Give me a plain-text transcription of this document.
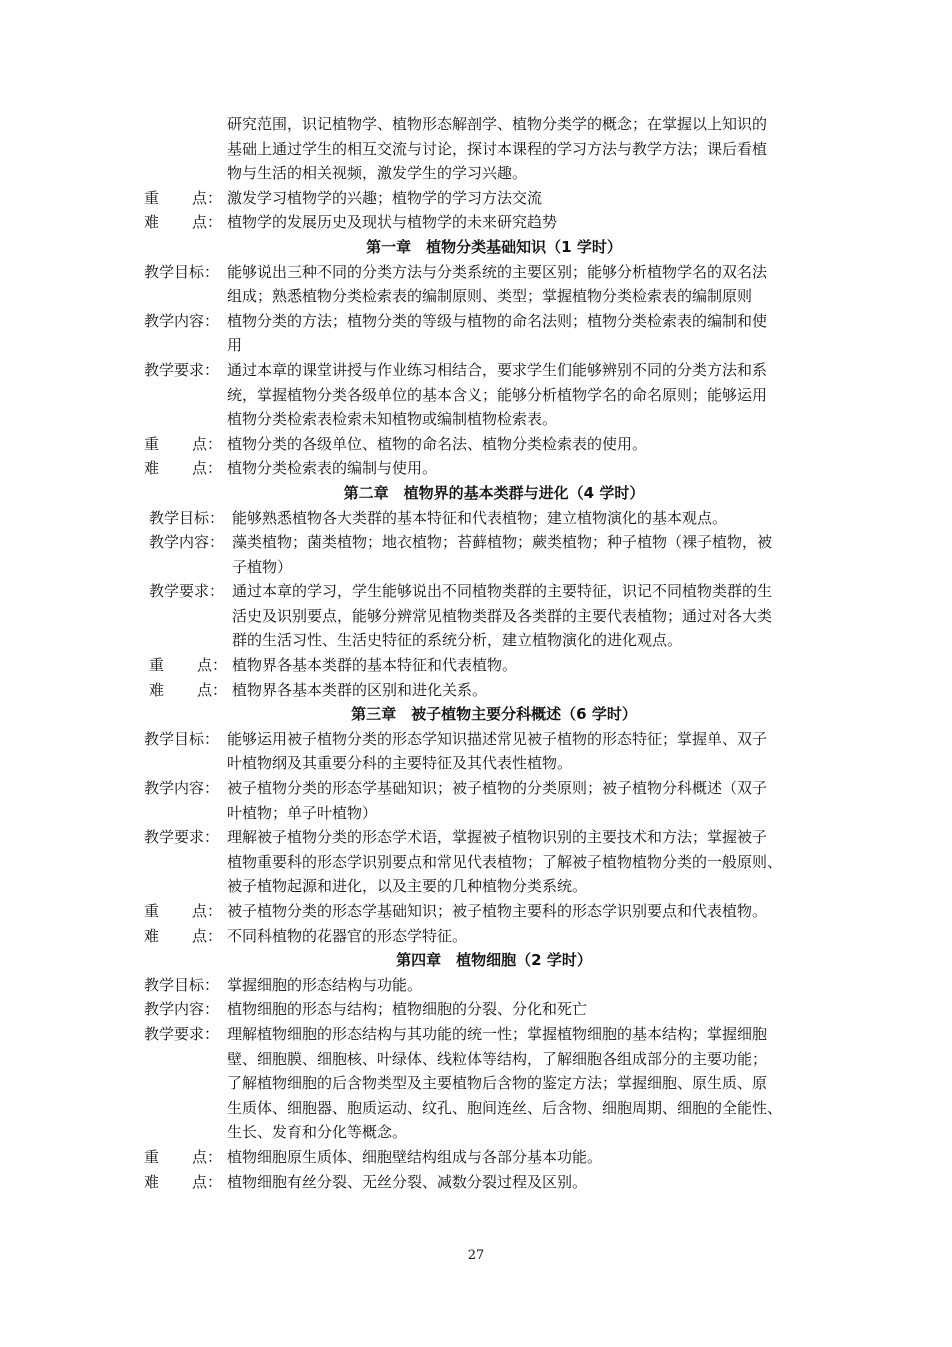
研究范围，识记植物学、植物形态解剖学、植物分类学的概念；在掌握以上知识的
基础上通过学生的相互交流与讨论，探讨本课程的学习方法与教学方法；课后看植
物与生活的相关视频，激发学生的学习兴趣。
重 点： 激发学习植物学的兴趣；植物学的学习方法交流
难 点： 植物学的发展历史及现状与植物学的未来研究趋势
第一章　植物分类基础知识（1 学时）
教学目标： 能够说出三种不同的分类方法与分类系统的主要区别；能够分析植物学名的双名法
组成；熟悉植物分类检索表的编制原则、类型；掌握植物分类检索表的编制原则
教学内容： 植物分类的方法；植物分类的等级与植物的命名法则；植物分类检索表的编制和使
用
教学要求： 通过本章的课堂讲授与作业练习相结合，要求学生们能够辨别不同的分类方法和系
统，掌握植物分类各级单位的基本含义；能够分析植物学名的命名原则；能够运用
植物分类检索表检索未知植物或编制植物检索表。
重 点： 植物分类的各级单位、植物的命名法、植物分类检索表的使用。
难 点： 植物分类检索表的编制与使用。
第二章　植物界的基本类群与进化（4 学时）
教学目标： 能够熟悉植物各大类群的基本特征和代表植物；建立植物演化的基本观点。
教学内容： 藻类植物；菌类植物；地衣植物；苔藓植物；蕨类植物；种子植物（裸子植物，被
子植物）
教学要求： 通过本章的学习，学生能够说出不同植物类群的主要特征，识记不同植物类群的生
活史及识别要点，能够分辨常见植物类群及各类群的主要代表植物；通过对各大类
群的生活习性、生活史特征的系统分析，建立植物演化的进化观点。
重 点： 植物界各基本类群的基本特征和代表植物。
难 点： 植物界各基本类群的区别和进化关系。
第三章　被子植物主要分科概述（6 学时）
教学目标： 能够运用被子植物分类的形态学知识描述常见被子植物的形态特征；掌握单、双子
叶植物纲及其重要分科的主要特征及其代表性植物。
教学内容： 被子植物分类的形态学基础知识；被子植物的分类原则；被子植物分科概述（双子
叶植物；单子叶植物）
教学要求： 理解被子植物分类的形态学术语，掌握被子植物识别的主要技术和方法；掌握被子
植物重要科的形态学识别要点和常见代表植物；了解被子植物植物分类的一般原则、
被子植物起源和进化，以及主要的几种植物分类系统。
重 点： 被子植物分类的形态学基础知识；被子植物主要科的形态学识别要点和代表植物。
难 点： 不同科植物的花器官的形态学特征。
第四章　植物细胞（2 学时）
教学目标： 掌握细胞的形态结构与功能。
教学内容： 植物细胞的形态与结构；植物细胞的分裂、分化和死亡
教学要求： 理解植物细胞的形态结构与其功能的统一性；掌握植物细胞的基本结构；掌握细胞
壁、细胞膜、细胞核、叶绿体、线粒体等结构，了解细胞各组成部分的主要功能；
了解植物细胞的后含物类型及主要植物后含物的鉴定方法；掌握细胞、原生质、原
生质体、细胞器、胞质运动、纹孔、胞间连丝、后含物、细胞周期、细胞的全能性、
生长、发育和分化等概念。
重 点： 植物细胞原生质体、细胞壁结构组成与各部分基本功能。
难 点： 植物细胞有丝分裂、无丝分裂、减数分裂过程及区别。
27
